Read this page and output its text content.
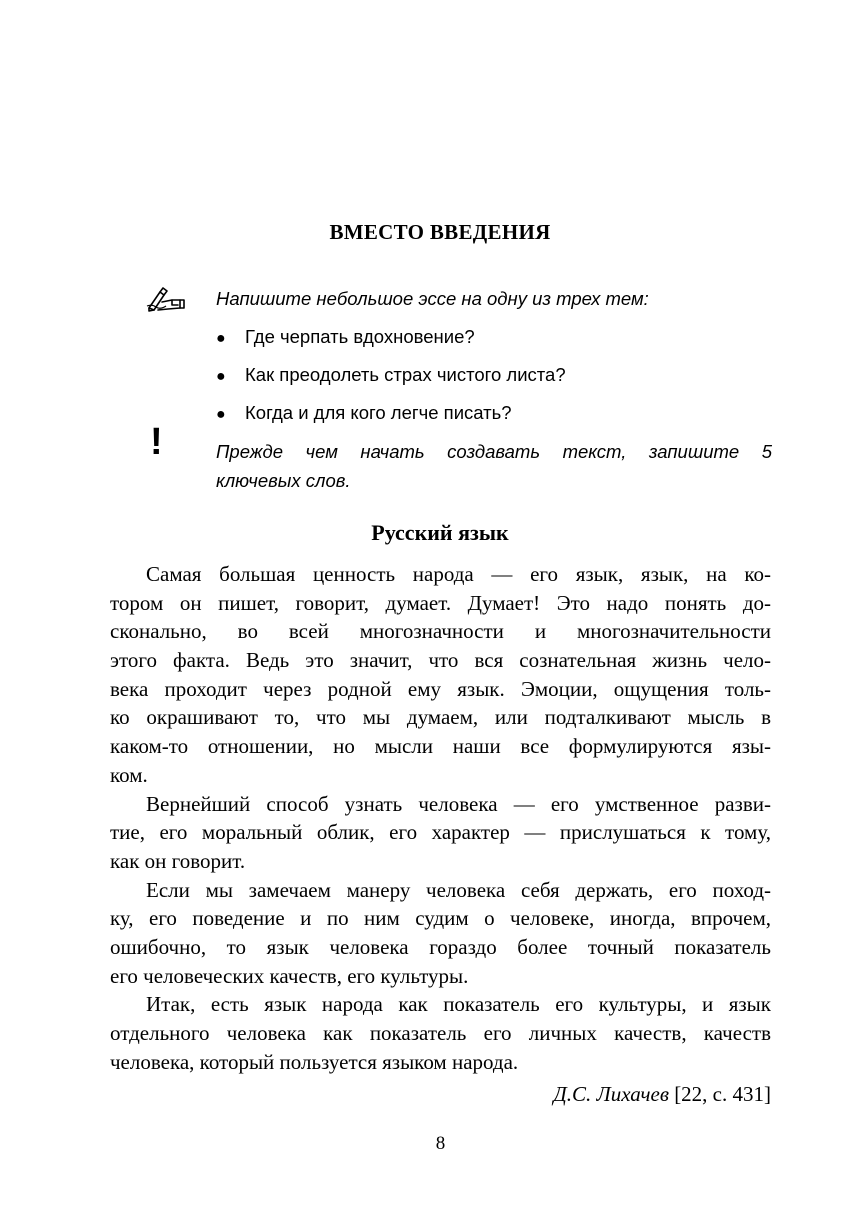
ВМЕСТО ВВЕДЕНИЯ
Напишите небольшое эссе на одну из трех тем:
● Где черпать вдохновение?
● Как преодолеть страх чистого листа?
● Когда и для кого легче писать?
!	Прежде чем начать создавать текст, запишите 5
ключевых слов.
Русский язык
Самая большая ценность народа — его язык, язык, на ко-
тором он пишет, говорит, думает. Думает! Это надо понять до-
сконально, во всей многозначности и многозначительности
этого факта. Ведь это значит, что вся сознательная жизнь чело-
века проходит через родной ему язык. Эмоции, ощущения толь-
ко окрашивают то, что мы думаем, или подталкивают мысль в
каком-то отношении, но мысли наши все формулируются язы-
ком.
Вернейший способ узнать человека — его умственное разви-
тие, его моральный облик, его характер — прислушаться к тому,
как он говорит.
Если мы замечаем манеру человека себя держать, его поход-
ку, его поведение и по ним судим о человеке, иногда, впрочем,
ошибочно, то язык человека гораздо более точный показатель
его человеческих качеств, его культуры.
Итак, есть язык народа как показатель его культуры, и язык
отдельного человека как показатель его личных качеств, качеств
человека, который пользуется языком народа.
Д.С. Лихачев [22, с. 431]
8
